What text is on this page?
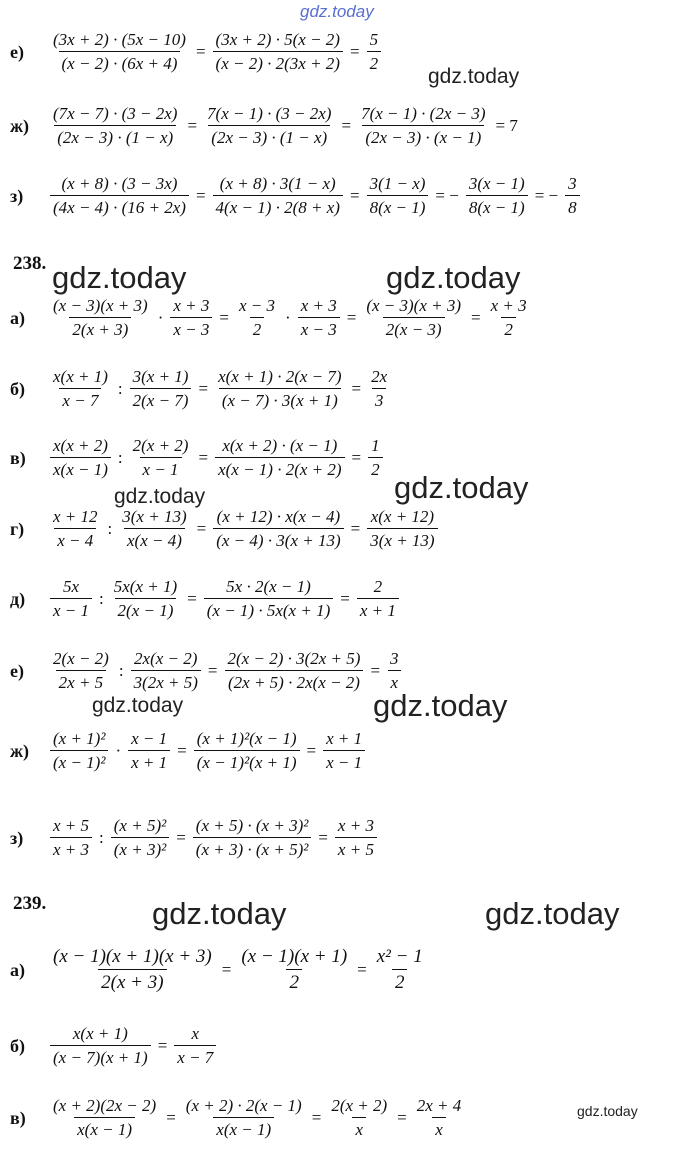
gdz.today
gdz.today
gdz.today	gdz.today
gdz.today	gdz.today
gdz.today	gdz.today
gdz.today	gdz.today
gdz.today
238.
239.
е)	$\frac{(3x + 2) \cdot (5x - 10)}{(x - 2) \cdot (6x + 4)} = \frac{(3x + 2) \cdot 5(x - 2)}{(x - 2) \cdot 2(3x + 2)} = \frac{5}{2}$
ж)	$\frac{(7x - 7) \cdot (3 - 2x)}{(2x - 3) \cdot (1 - x)} = \frac{7(x - 1) \cdot (3 - 2x)}{(2x - 3) \cdot (1 - x)} = \frac{7(x - 1) \cdot (2x - 3)}{(2x - 3) \cdot (x - 1)} = 7$
з)	$\frac{(x + 8) \cdot (3 - 3x)}{(4x - 4) \cdot (16 + 2x)} = \frac{(x + 8) \cdot 3(1 - x)}{4(x - 1) \cdot 2(8 + x)} = \frac{3(1 - x)}{8(x - 1)}$ = − $\frac{3(x - 1)}{8(x - 1)}$ = − $\frac{3}{8}$
а)	$\frac{(x - 3)(x + 3)}{2(x + 3)} \cdot \frac{x + 3}{x - 3} = \frac{x - 3}{2} \cdot \frac{x + 3}{x - 3} = \frac{(x - 3)(x + 3)}{2(x - 3)} = \frac{x + 3}{2}$
б)	$\frac{x(x + 1)}{x - 7}$ : $\frac{3(x + 1)}{2(x - 7)} = \frac{x(x + 1) \cdot 2(x - 7)}{(x - 7) \cdot 3(x + 1)} = \frac{2x}{3}$
в)	$\frac{x(x + 2)}{x(x - 1)}$ : $\frac{2(x + 2)}{x - 1} = \frac{x(x + 2) \cdot (x - 1)}{x(x - 1) \cdot 2(x + 2)} = \frac{1}{2}$
г)	$\frac{x + 12}{x - 4}$ : $\frac{3(x + 13)}{x(x - 4)} = \frac{(x + 12) \cdot x(x - 4)}{(x - 4) \cdot 3(x + 13)} = \frac{x(x + 12)}{3(x + 13)}$
д)	$\frac{5x}{x - 1}$ : $\frac{5x(x + 1)}{2(x - 1)} = \frac{5x \cdot 2(x - 1)}{(x - 1) \cdot 5x(x + 1)} = \frac{2}{x + 1}$
е)	$\frac{2(x - 2)}{2x + 5}$ : $\frac{2x(x - 2)}{3(2x + 5)} = \frac{2(x - 2) \cdot 3(2x + 5)}{(2x + 5) \cdot 2x(x - 2)} = \frac{3}{x}$
ж)	$\frac{\text{(x + 1)²}}{\text{(x − 1)²}} \cdot \frac{x - 1}{x + 1} = \frac{\text{(x + 1)²(x − 1)}}{\text{(x − 1)²(x + 1)}} = \frac{x + 1}{x - 1}$
з)	$\frac{x + 5}{x + 3}$ : $\frac{\text{(x + 5)²}}{\text{(x + 3)²}} = \frac{\text{(x + 5) · (x + 3)²}}{\text{(x + 3) · (x + 5)²}} = \frac{x + 3}{x + 5}$
а)	$\frac{(x - 1)(x + 1)(x + 3)}{2(x + 3)} = \frac{(x - 1)(x + 1)}{2} = \frac{\text{x² − 1}}{2}$
б)	$\frac{x(x + 1)}{(x - 7)(x + 1)} = \frac{x}{x - 7}$
в)	$\frac{(x + 2)(2x - 2)}{x(x - 1)} = \frac{(x + 2) \cdot 2(x - 1)}{x(x - 1)} = \frac{2(x + 2)}{x} = \frac{2x + 4}{x}$
